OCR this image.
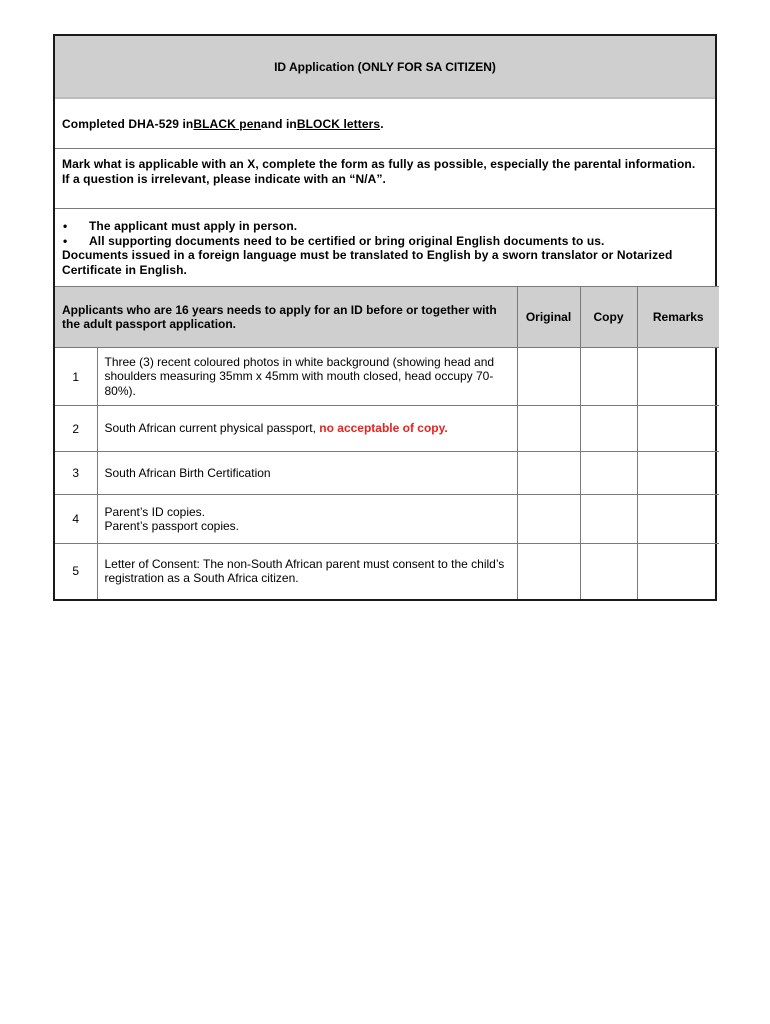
ID Application (ONLY FOR SA CITIZEN)
Completed DHA-529 in BLACK pen and in BLOCK letters .
Mark what is applicable with an X, complete the form as fully as possible, especially the parental information.
If a question is irrelevant, please indicate with an “N/A”.
•	The applicant must apply in person.
•	All supporting documents need to be certified or bring original English documents to us.
Documents issued in a foreign language must be translated to English by a sworn translator or Notarized Certificate in English.
Applicants who are 16 years needs to apply for an ID before or together with the adult passport application.		Original	Copy	Remarks
1	Three (3) recent coloured photos in white background (showing head and shoulders measuring 35mm x 45mm with mouth closed, head occupy 70-80%).			
2	South African current physical passport, no acceptable of copy.			
3	South African Birth Certification			
4	Parent’s ID copies.
Parent’s passport copies.			

5	Letter of Consent: The non-South African parent must consent to the child’s registration as a South Africa citizen.			
